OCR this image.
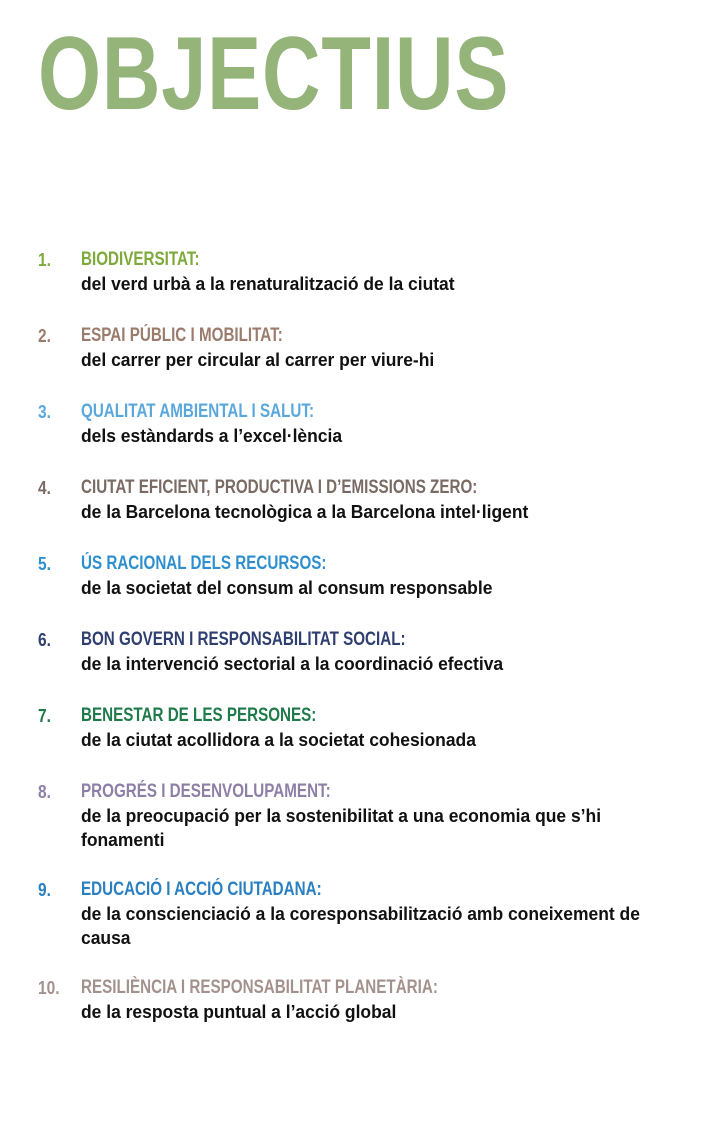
OBJECTIUS
1. BIODIVERSITAT:
del verd urbà a la renaturalització de la ciutat
2. ESPAI PÚBLIC I MOBILITAT:
del carrer per circular al carrer per viure-hi
3. QUALITAT AMBIENTAL I SALUT:
dels estàndards a l’excel·lència
4. CIUTAT EFICIENT, PRODUCTIVA I D’EMISSIONS ZERO:
de la Barcelona tecnològica a la Barcelona intel·ligent
5. ÚS RACIONAL DELS RECURSOS:
de la societat del consum al consum responsable
6. BON GOVERN I RESPONSABILITAT SOCIAL:
de la intervenció sectorial a la coordinació efectiva
7. BENESTAR DE LES PERSONES:
de la ciutat acollidora a la societat cohesionada
8. PROGRÉS I DESENVOLUPAMENT:
de la preocupació per la sostenibilitat a una economia que s’hi fonamenti
9. EDUCACIÓ I ACCIÓ CIUTADANA:
de la conscienciació a la coresponsabilització amb coneixement de causa
10. RESILIÈNCIA I RESPONSABILITAT PLANETÀRIA:
de la resposta puntual a l’acció global
